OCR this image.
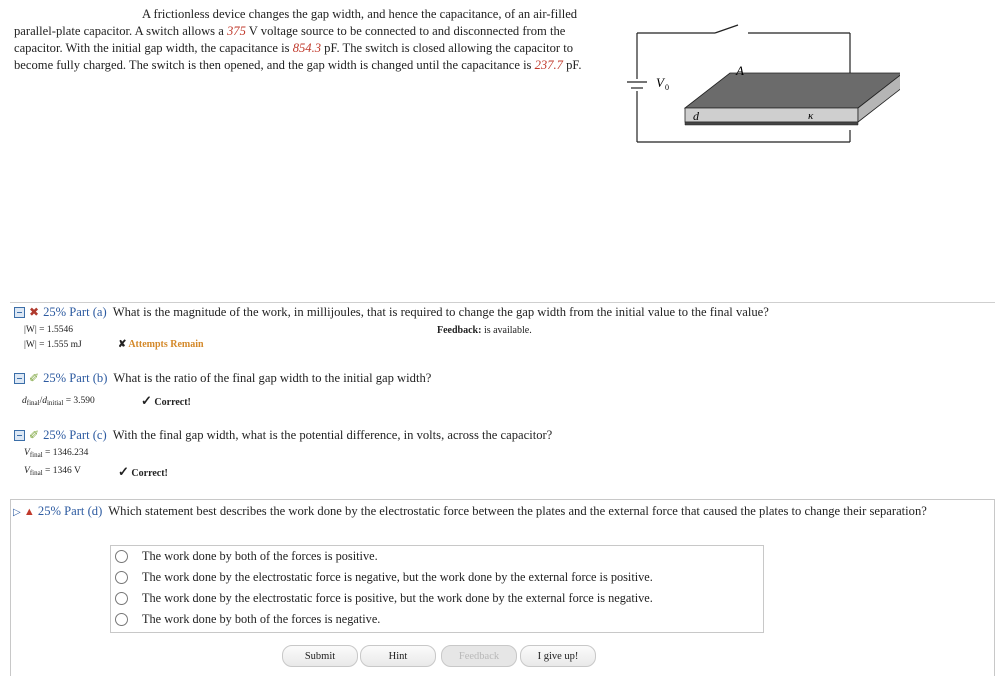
A frictionless device changes the gap width, and hence the capacitance, of an air-filled parallel-plate capacitor. A switch allows a 375 V voltage source to be connected to and disconnected from the capacitor. With the initial gap width, the capacitance is 854.3 pF. The switch is closed allowing the capacitor to become fully charged. The switch is then opened, and the gap width is changed until the capacitance is 237.7 pF.

V 0
A
d	κ
✖ 25% Part (a) What is the magnitude of the work, in millijoules, that is required to change the gap width from the initial value to the final value?
|W| = 1.5546
|W| = 1.555 mJ	✘ Attempts Remain
Feedback: is available.
✐ 25% Part (b) What is the ratio of the final gap width to the initial gap width?
$d_{final}/d_{initial} = 3.590$	✓ Correct!
✐ 25% Part (c) With the final gap width, what is the potential difference, in volts, across the capacitor?
$V_{final} = 1346.234$
$V_{final} = 1346$ V	✓ Correct!
▷ ▲ 25% Part (d) Which statement best describes the work done by the electrostatic force between the plates and the external force that caused the plates to change their separation?
The work done by both of the forces is positive.
The work done by the electrostatic force is negative, but the work done by the external force is positive.
The work done by the electrostatic force is positive, but the work done by the external force is negative.
The work done by both of the forces is negative.
Submit	Hint	Feedback	I give up!
